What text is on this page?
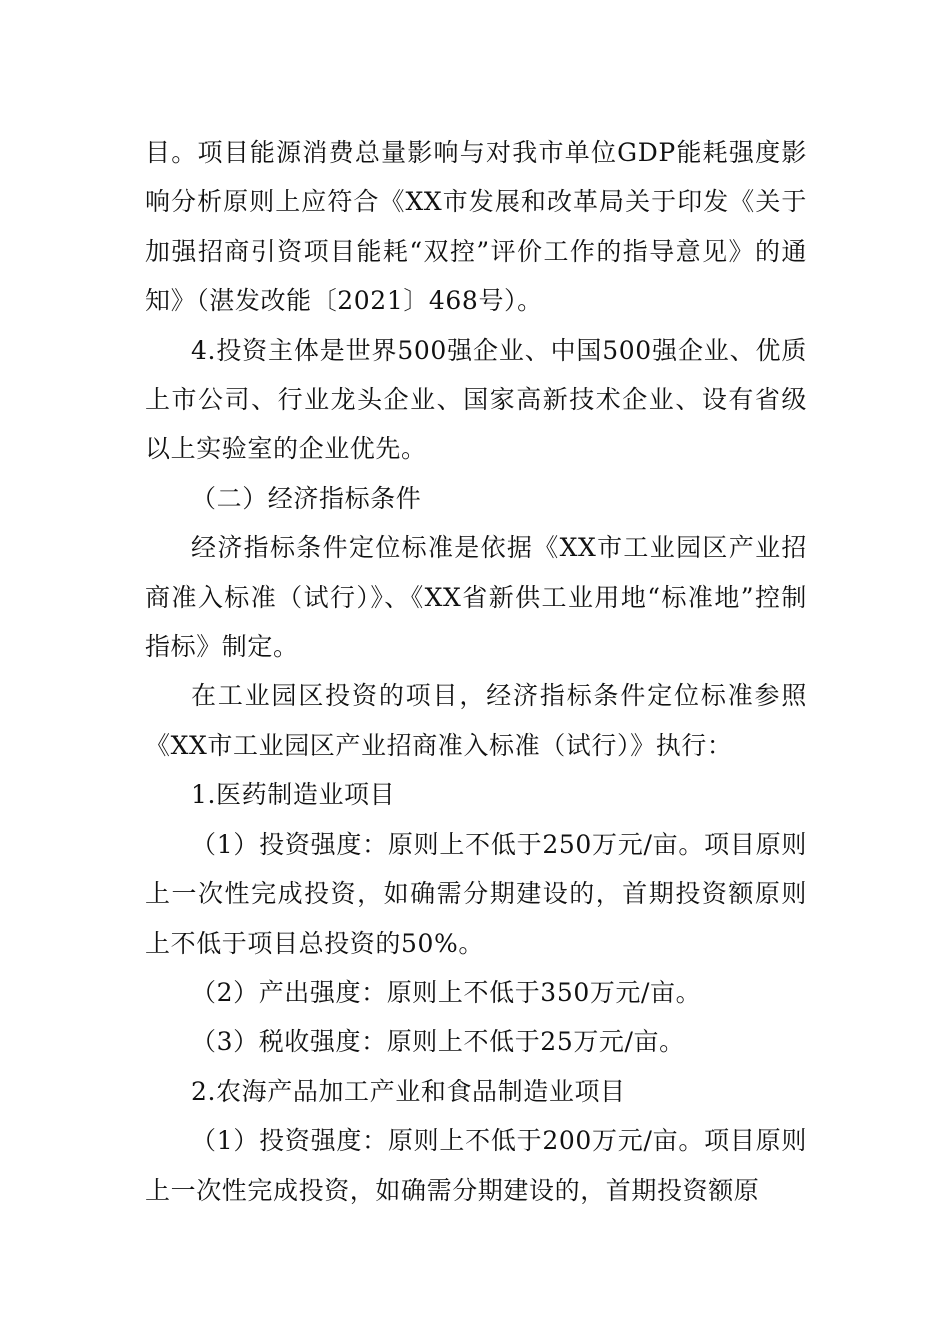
目。项目能源消费总量影响与对我市单位GDP能耗强度影响分析原则上应符合《XX市发展和改革局关于印发《关于加强招商引资项目能耗“双控”评价工作的指导意见》的通知》（湛发改能〔2021〕468号）。

4.投资主体是世界500强企业、中国500强企业、优质上市公司、行业龙头企业、国家高新技术企业、设有省级以上实验室的企业优先。

（二）经济指标条件

经济指标条件定位标准是依据《XX市工业园区产业招商准入标准（试行）》、《XX省新供工业用地“标准地”控制指标》制定。

在工业园区投资的项目，经济指标条件定位标准参照《XX市工业园区产业招商准入标准（试行）》执行：

1.医药制造业项目

（1）投资强度：原则上不低于250万元/亩。项目原则上一次性完成投资，如确需分期建设的，首期投资额原则上不低于项目总投资的50%。

（2）产出强度：原则上不低于350万元/亩。

（3）税收强度：原则上不低于25万元/亩。

2.农海产品加工产业和食品制造业项目

（1）投资强度：原则上不低于200万元/亩。项目原则上一次性完成投资，如确需分期建设的，首期投资额原
